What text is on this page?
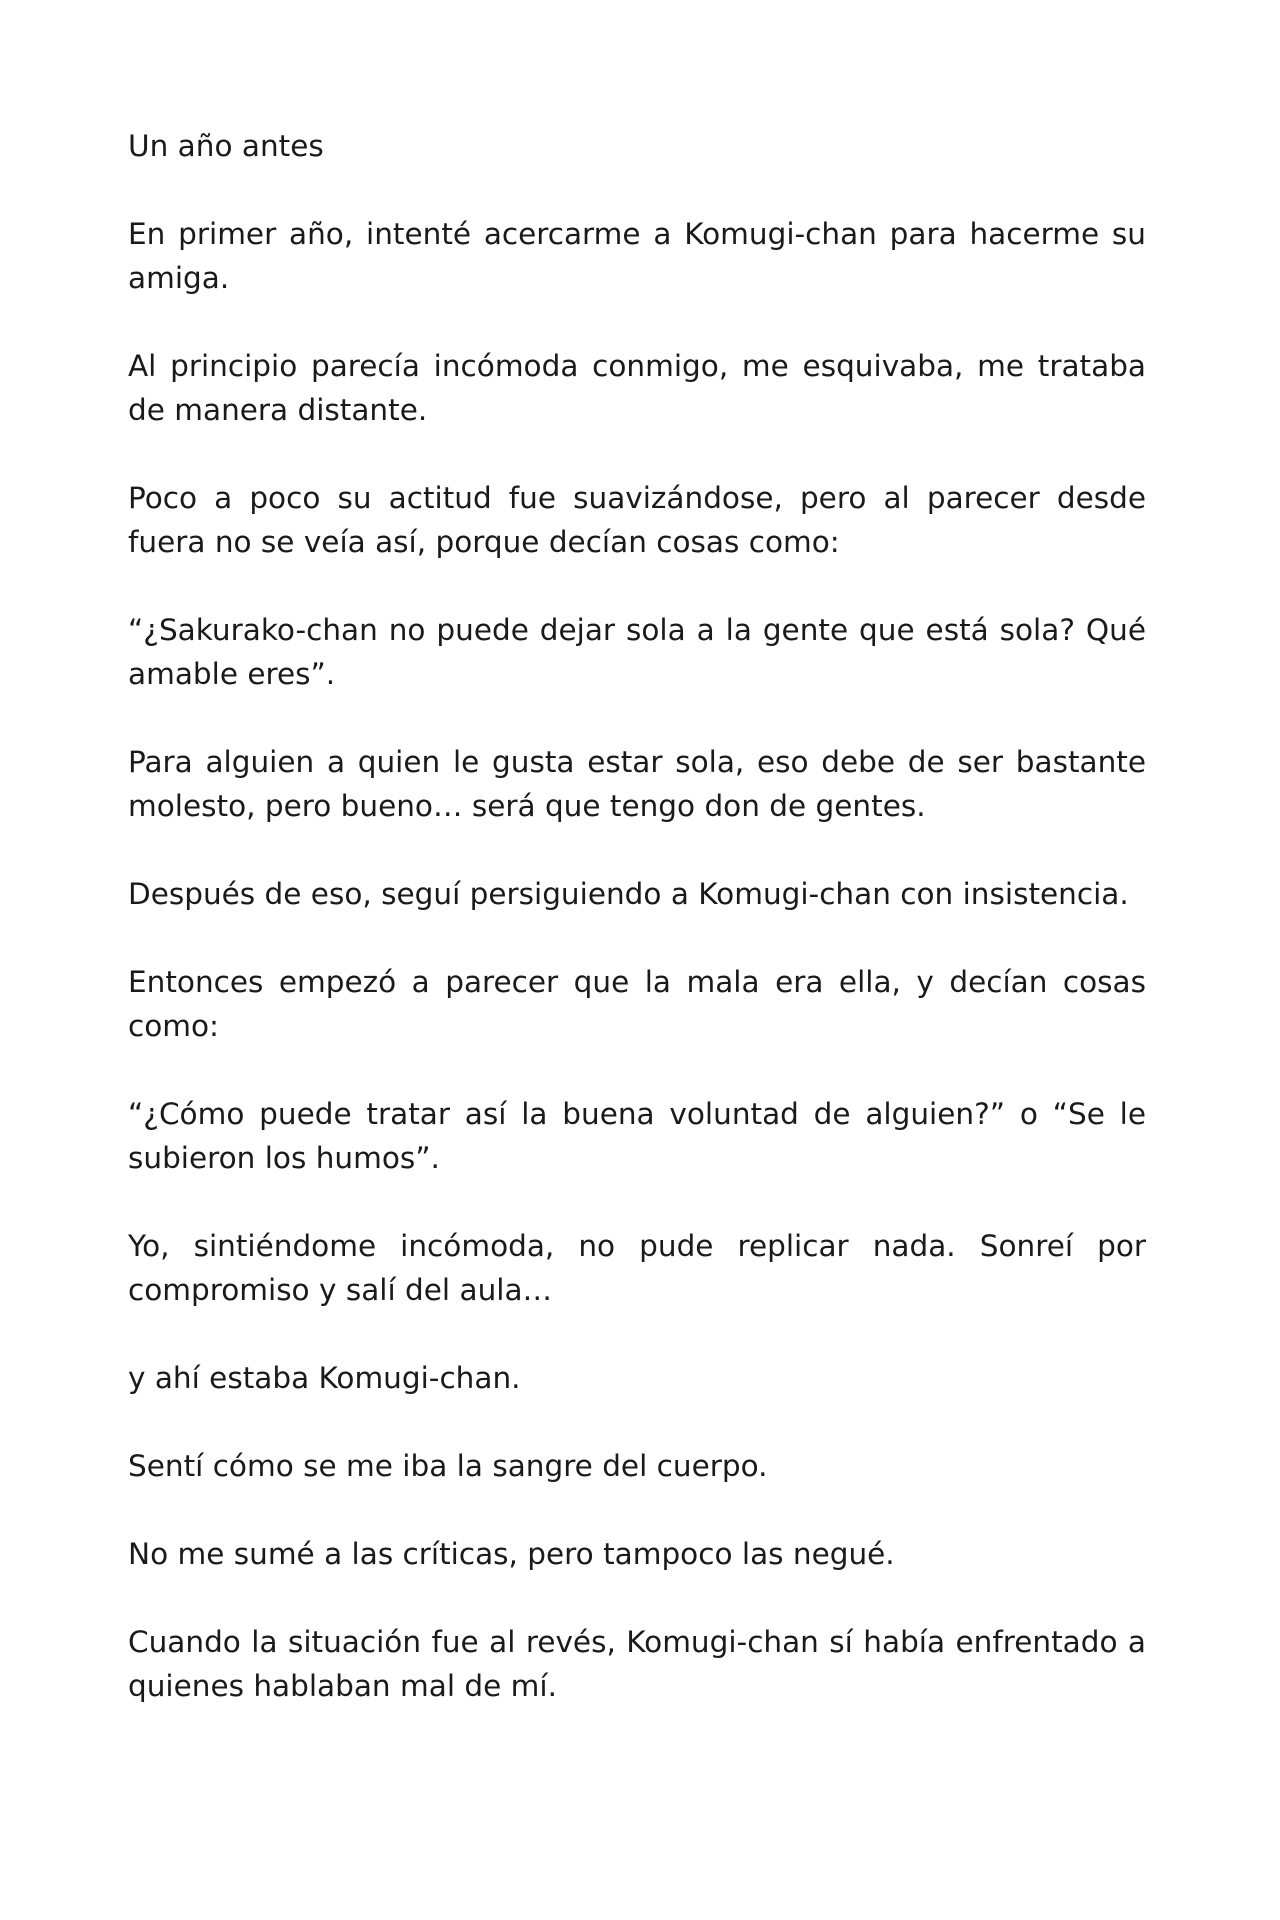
Un año antes

En primer año, intenté acercarme a Komugi-chan para hacerme su amiga.

Al principio parecía incómoda conmigo, me esquivaba, me trataba de manera distante.

Poco a poco su actitud fue suavizándose, pero al parecer desde fuera no se veía así, porque decían cosas como:

“¿Sakurako-chan no puede dejar sola a la gente que está sola? Qué amable eres”.

Para alguien a quien le gusta estar sola, eso debe de ser bastante molesto, pero bueno… será que tengo don de gentes.

Después de eso, seguí persiguiendo a Komugi-chan con insistencia.

Entonces empezó a parecer que la mala era ella, y decían cosas como:

“¿Cómo puede tratar así la buena voluntad de alguien?” o “Se le subieron los humos”.

Yo, sintiéndome incómoda, no pude replicar nada. Sonreí por compromiso y salí del aula…

y ahí estaba Komugi-chan.

Sentí cómo se me iba la sangre del cuerpo.

No me sumé a las críticas, pero tampoco las negué.

Cuando la situación fue al revés, Komugi-chan sí había enfrentado a quienes hablaban mal de mí.
